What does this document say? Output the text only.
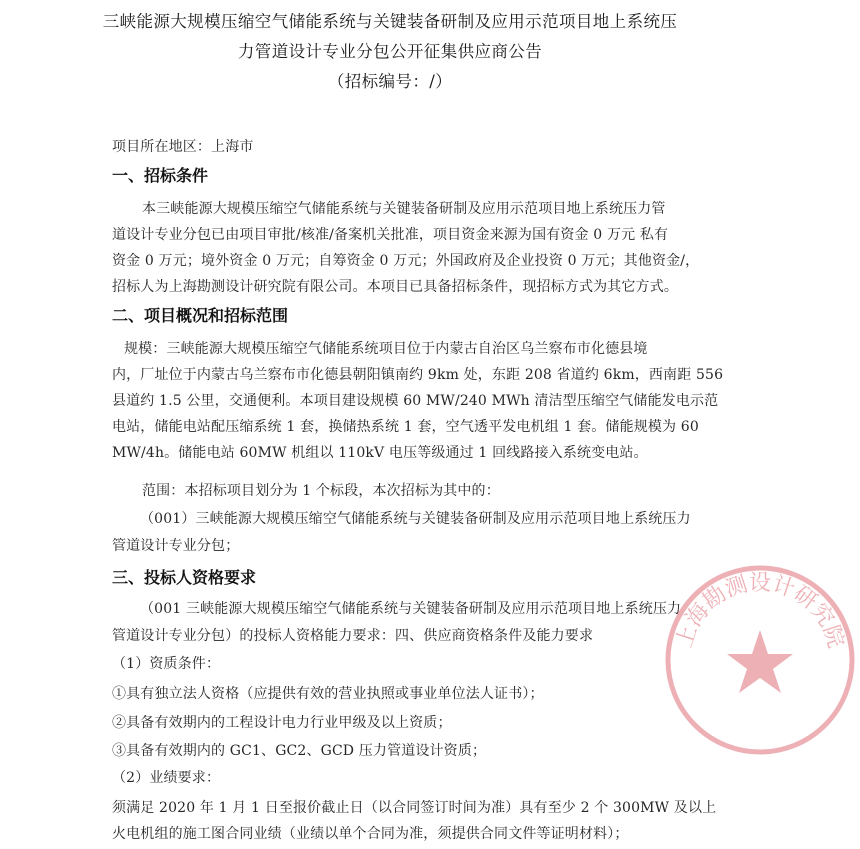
三峡能源大规模压缩空气储能系统与关键装备研制及应用示范项目地上系统压
力管道设计专业分包公开征集供应商公告
（招标编号：/）
项目所在地区：上海市
一、招标条件
本三峡能源大规模压缩空气储能系统与关键装备研制及应用示范项目地上系统压力管
道设计专业分包已由项目审批/核准/备案机关批准，项目资金来源为国有资金 0 万元 私有
资金 0 万元；境外资金 0 万元；自筹资金 0 万元；外国政府及企业投资 0 万元；其他资金/，
招标人为上海勘测设计研究院有限公司。本项目已具备招标条件，现招标方式为其它方式。
二、项目概况和招标范围
规模：三峡能源大规模压缩空气储能系统项目位于内蒙古自治区乌兰察布市化德县境
内，厂址位于内蒙古乌兰察布市化德县朝阳镇南约 9km 处，东距 208 省道约 6km，西南距 556
县道约 1.5 公里，交通便利。本项目建设规模 60 MW/240 MWh 清洁型压缩空气储能发电示范
电站，储能电站配压缩系统 1 套，换储热系统 1 套，空气透平发电机组 1 套。储能规模为 60
MW/4h。储能电站 60MW 机组以 110kV 电压等级通过 1 回线路接入系统变电站。
范围：本招标项目划分为 1 个标段，本次招标为其中的：
（001）三峡能源大规模压缩空气储能系统与关键装备研制及应用示范项目地上系统压力
管道设计专业分包；
三、投标人资格要求
（001 三峡能源大规模压缩空气储能系统与关键装备研制及应用示范项目地上系统压力
管道设计专业分包）的投标人资格能力要求：四、供应商资格条件及能力要求
（1）资质条件：
①具有独立法人资格（应提供有效的营业执照或事业单位法人证书）；
②具备有效期内的工程设计电力行业甲级及以上资质；
③具备有效期内的 GC1、GC2、GCD 压力管道设计资质；
（2）业绩要求：
须满足 2020 年 1 月 1 日至报价截止日（以合同签订时间为准）具有至少 2 个 300MW 及以上
火电机组的施工图合同业绩（业绩以单个合同为准，须提供合同文件等证明材料）；
上海勘测设计研究院
